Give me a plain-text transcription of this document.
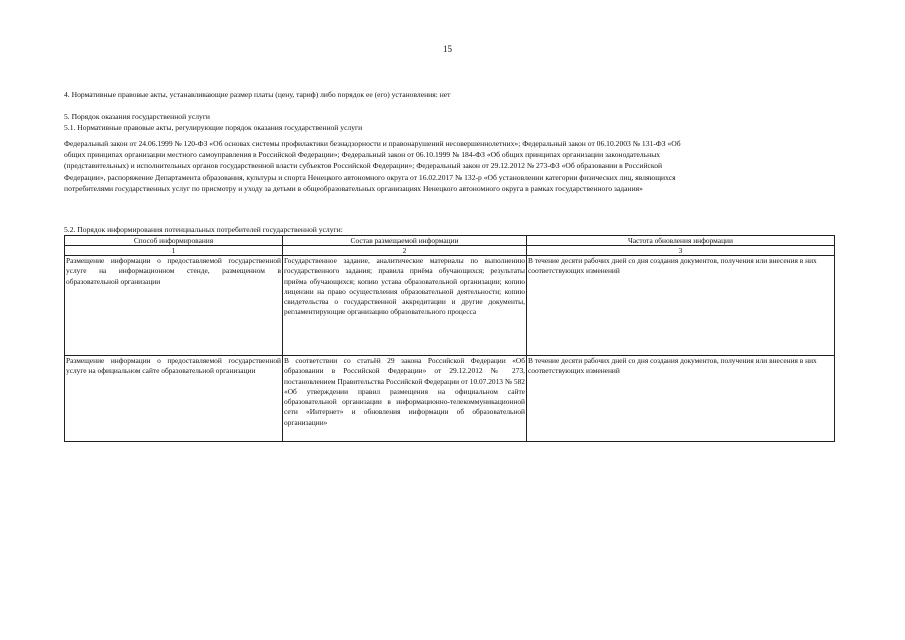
15
4. Нормативные правовые акты, устанавливающие размер платы (цену, тариф) либо порядок ее (его) установления: нет
5. Порядок оказания государственной услуги
5.1. Нормативные правовые акты, регулирующие порядок оказания государственной услуги
Федеральный закон от 24.06.1999 № 120-ФЗ «Об основах системы профилактики безнадзорности и правонарушений несовершеннолетних»; Федеральный закон от 06.10.2003 № 131-ФЗ «Об
общих принципах организации местного самоуправления в Российской Федерации»; Федеральный закон от 06.10.1999 № 184-ФЗ «Об общих принципах организации законодательных
(представительных) и исполнительных органов государственной власти субъектов Российской Федерации»; Федеральный закон от 29.12.2012 № 273-ФЗ «Об образовании в Российской
Федерации», распоряжение Департамента образования, культуры и спорта Ненецкого автономного округа от 16.02.2017 № 132-р «Об установлении категории физических лиц, являющихся
потребителями государственных услуг по присмотру и уходу за детьми в общеобразовательных организациях Ненецкого автономного округа в рамках государственного задания»
5.2. Порядок информирования потенциальных потребителей государственной услуги:
Способ информирования	Состав размещаемой информации	Частота обновления информации
1	2	3
Размещение информации о предоставляемой государственной услуге на информационном стенде, размещенном в образовательной организации	Государственное задание, аналитические материалы по выполнению государственного задания; правила приёма обучающихся; результаты приёма обучающихся; копию устава образовательной организации; копию лицензии на право осуществления образовательной деятельности; копию свидетельства о государственной аккредитации и другие документы, регламентирующие организацию образовательного процесса	В течение десяти рабочих дней со дня создания документов, получения или внесения в них соответствующих изменений
Размещение информации о предоставляемой государственной услуге на официальном сайте образовательной организации	В соответствии со статьёй 29 закона Российской Федерации «Об образовании в Российской Федерации» от 29.12.2012 № 273, постановлением Правительства Российской Федерации от 10.07.2013 № 582 «Об утверждении правил размещения на официальном сайте образовательной организации в информационно-телекоммуникационной сети «Интернет» и обновления информации об образовательной организации»	В течение десяти рабочих дней со дня создания документов, получения или внесения в них соответствующих изменений
